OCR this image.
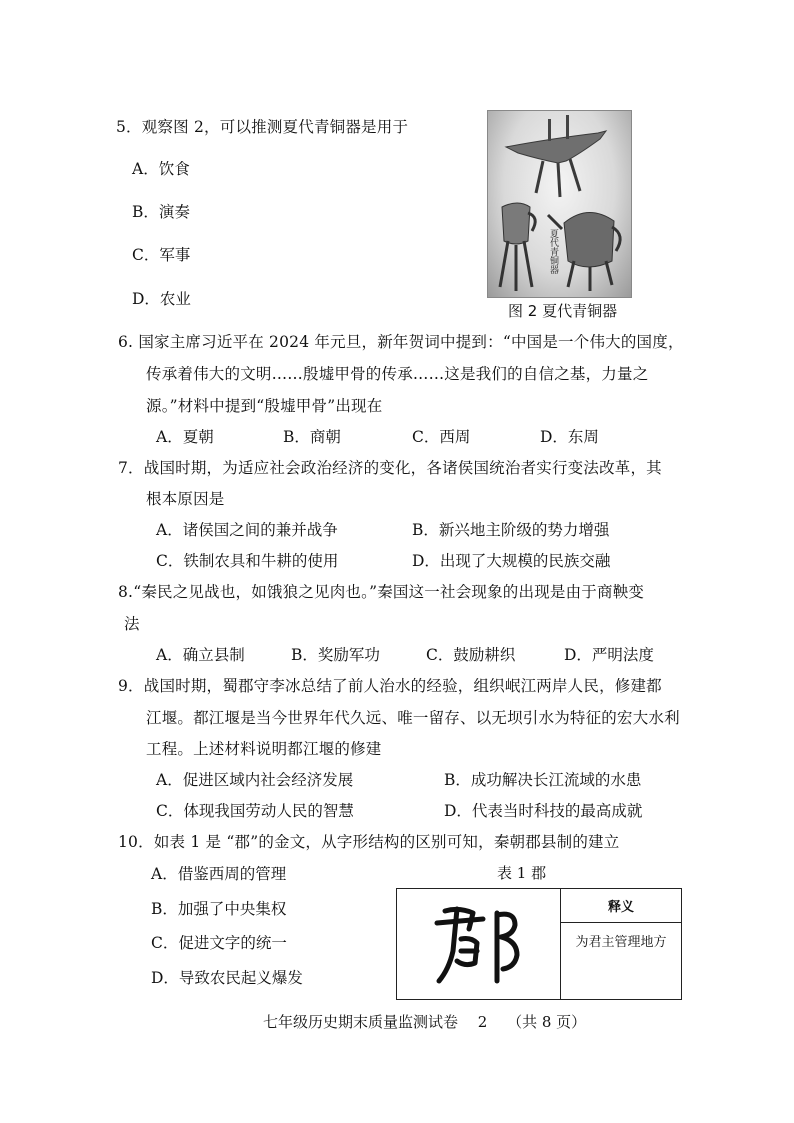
5．观察图 2，可以推测夏代青铜器是用于
A．饮食
B．演奏
C．军事
D．农业
夏代青铜器
图 2 夏代青铜器
6. 国家主席习近平在 2024 年元旦，新年贺词中提到：“中国是一个伟大的国度，
传承着伟大的文明……殷墟甲骨的传承……这是我们的自信之基，力量之
源。”材料中提到“殷墟甲骨”出现在
A．夏朝	B．商朝	C．西周	D．东周
7．战国时期，为适应社会政治经济的变化，各诸侯国统治者实行变法改革，其
根本原因是
A．诸侯国之间的兼并战争	B．新兴地主阶级的势力增强
C．铁制农具和牛耕的使用	D．出现了大规模的民族交融
8.“秦民之见战也，如饿狼之见肉也。”秦国这一社会现象的出现是由于商鞅变
法
A．确立县制	B．奖励军功	C．鼓励耕织	D．严明法度
9．战国时期，蜀郡守李冰总结了前人治水的经验，组织岷江两岸人民，修建都
江堰。都江堰是当今世界年代久远、唯一留存、以无坝引水为特征的宏大水利
工程。上述材料说明都江堰的修建
A．促进区域内社会经济发展	B．成功解决长江流域的水患
C．体现我国劳动人民的智慧	D．代表当时科技的最高成就
10．如表 1 是 “郡”的金文，从字形结构的区别可知，秦朝郡县制的建立
A．借鉴西周的管理
B．加强了中央集权
C．促进文字的统一
D．导致农民起义爆发
表 1 郡
释义
为君主管理地方
七年级历史期末质量监测试卷　 2　 （共 8 页）
